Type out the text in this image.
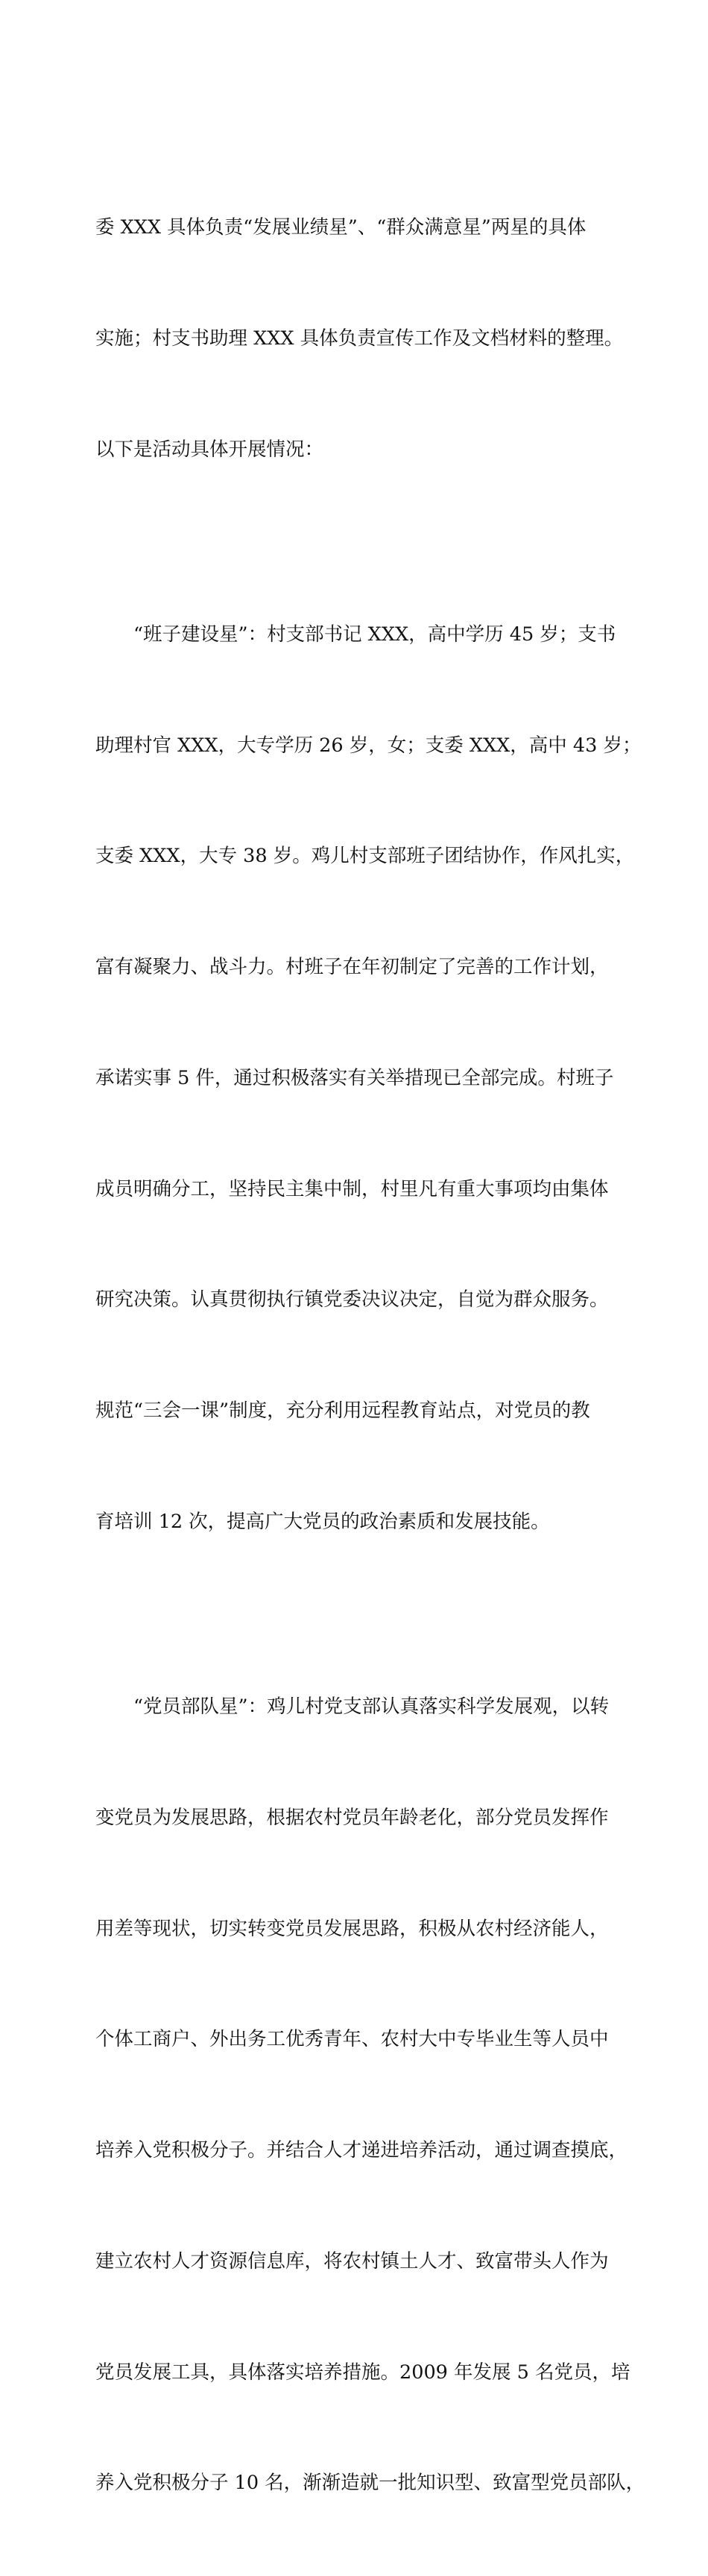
委 XXX 具体负责“发展业绩星”、“群众满意星”两星的具体

实施；村支书助理 XXX 具体负责宣传工作及文档材料的整理。

以下是活动具体开展情况：

“班子建设星”：村支部书记 XXX，高中学历 45 岁；支书

助理村官 XXX，大专学历 26 岁，女；支委 XXX，高中 43 岁；

支委 XXX，大专 38 岁。鸡儿村支部班子团结协作，作风扎实，

富有凝聚力、战斗力。村班子在年初制定了完善的工作计划，

承诺实事 5 件，通过积极落实有关举措现已全部完成。村班子

成员明确分工，坚持民主集中制，村里凡有重大事项均由集体

研究决策。认真贯彻执行镇党委决议决定，自觉为群众服务。

规范“三会一课”制度，充分利用远程教育站点，对党员的教

育培训 12 次，提高广大党员的政治素质和发展技能。

“党员部队星”：鸡儿村党支部认真落实科学发展观，以转

变党员为发展思路，根据农村党员年龄老化，部分党员发挥作

用差等现状，切实转变党员发展思路，积极从农村经济能人，

个体工商户、外出务工优秀青年、农村大中专毕业生等人员中

培养入党积极分子。并结合人才递进培养活动，通过调查摸底，

建立农村人才资源信息库，将农村镇土人才、致富带头人作为

党员发展工具，具体落实培养措施。2009 年发展 5 名党员，培

养入党积极分子 10 名，渐渐造就一批知识型、致富型党员部队，
